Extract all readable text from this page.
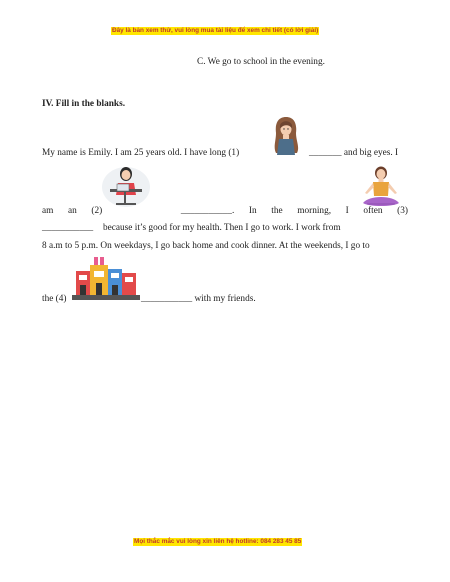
Đây là bản xem thử, vui lòng mua tài liệu để xem chi tiết (có lời giải)
C. We go to school in the evening.
IV. Fill in the blanks.
My name is Emily. I am 25 years old. I have long (1)	_______ and big eyes. I
am an (2)	___________. In the morning, I often (3)
___________ because it’s good for my health. Then I go to work. I work from
8 a.m to 5 p.m. On weekdays, I go back home and cook dinner. At the weekends, I go to
the (4)	___________ with my friends.
Mọi thắc mắc vui lòng xin liên hệ hotline: 084 283 45 85
